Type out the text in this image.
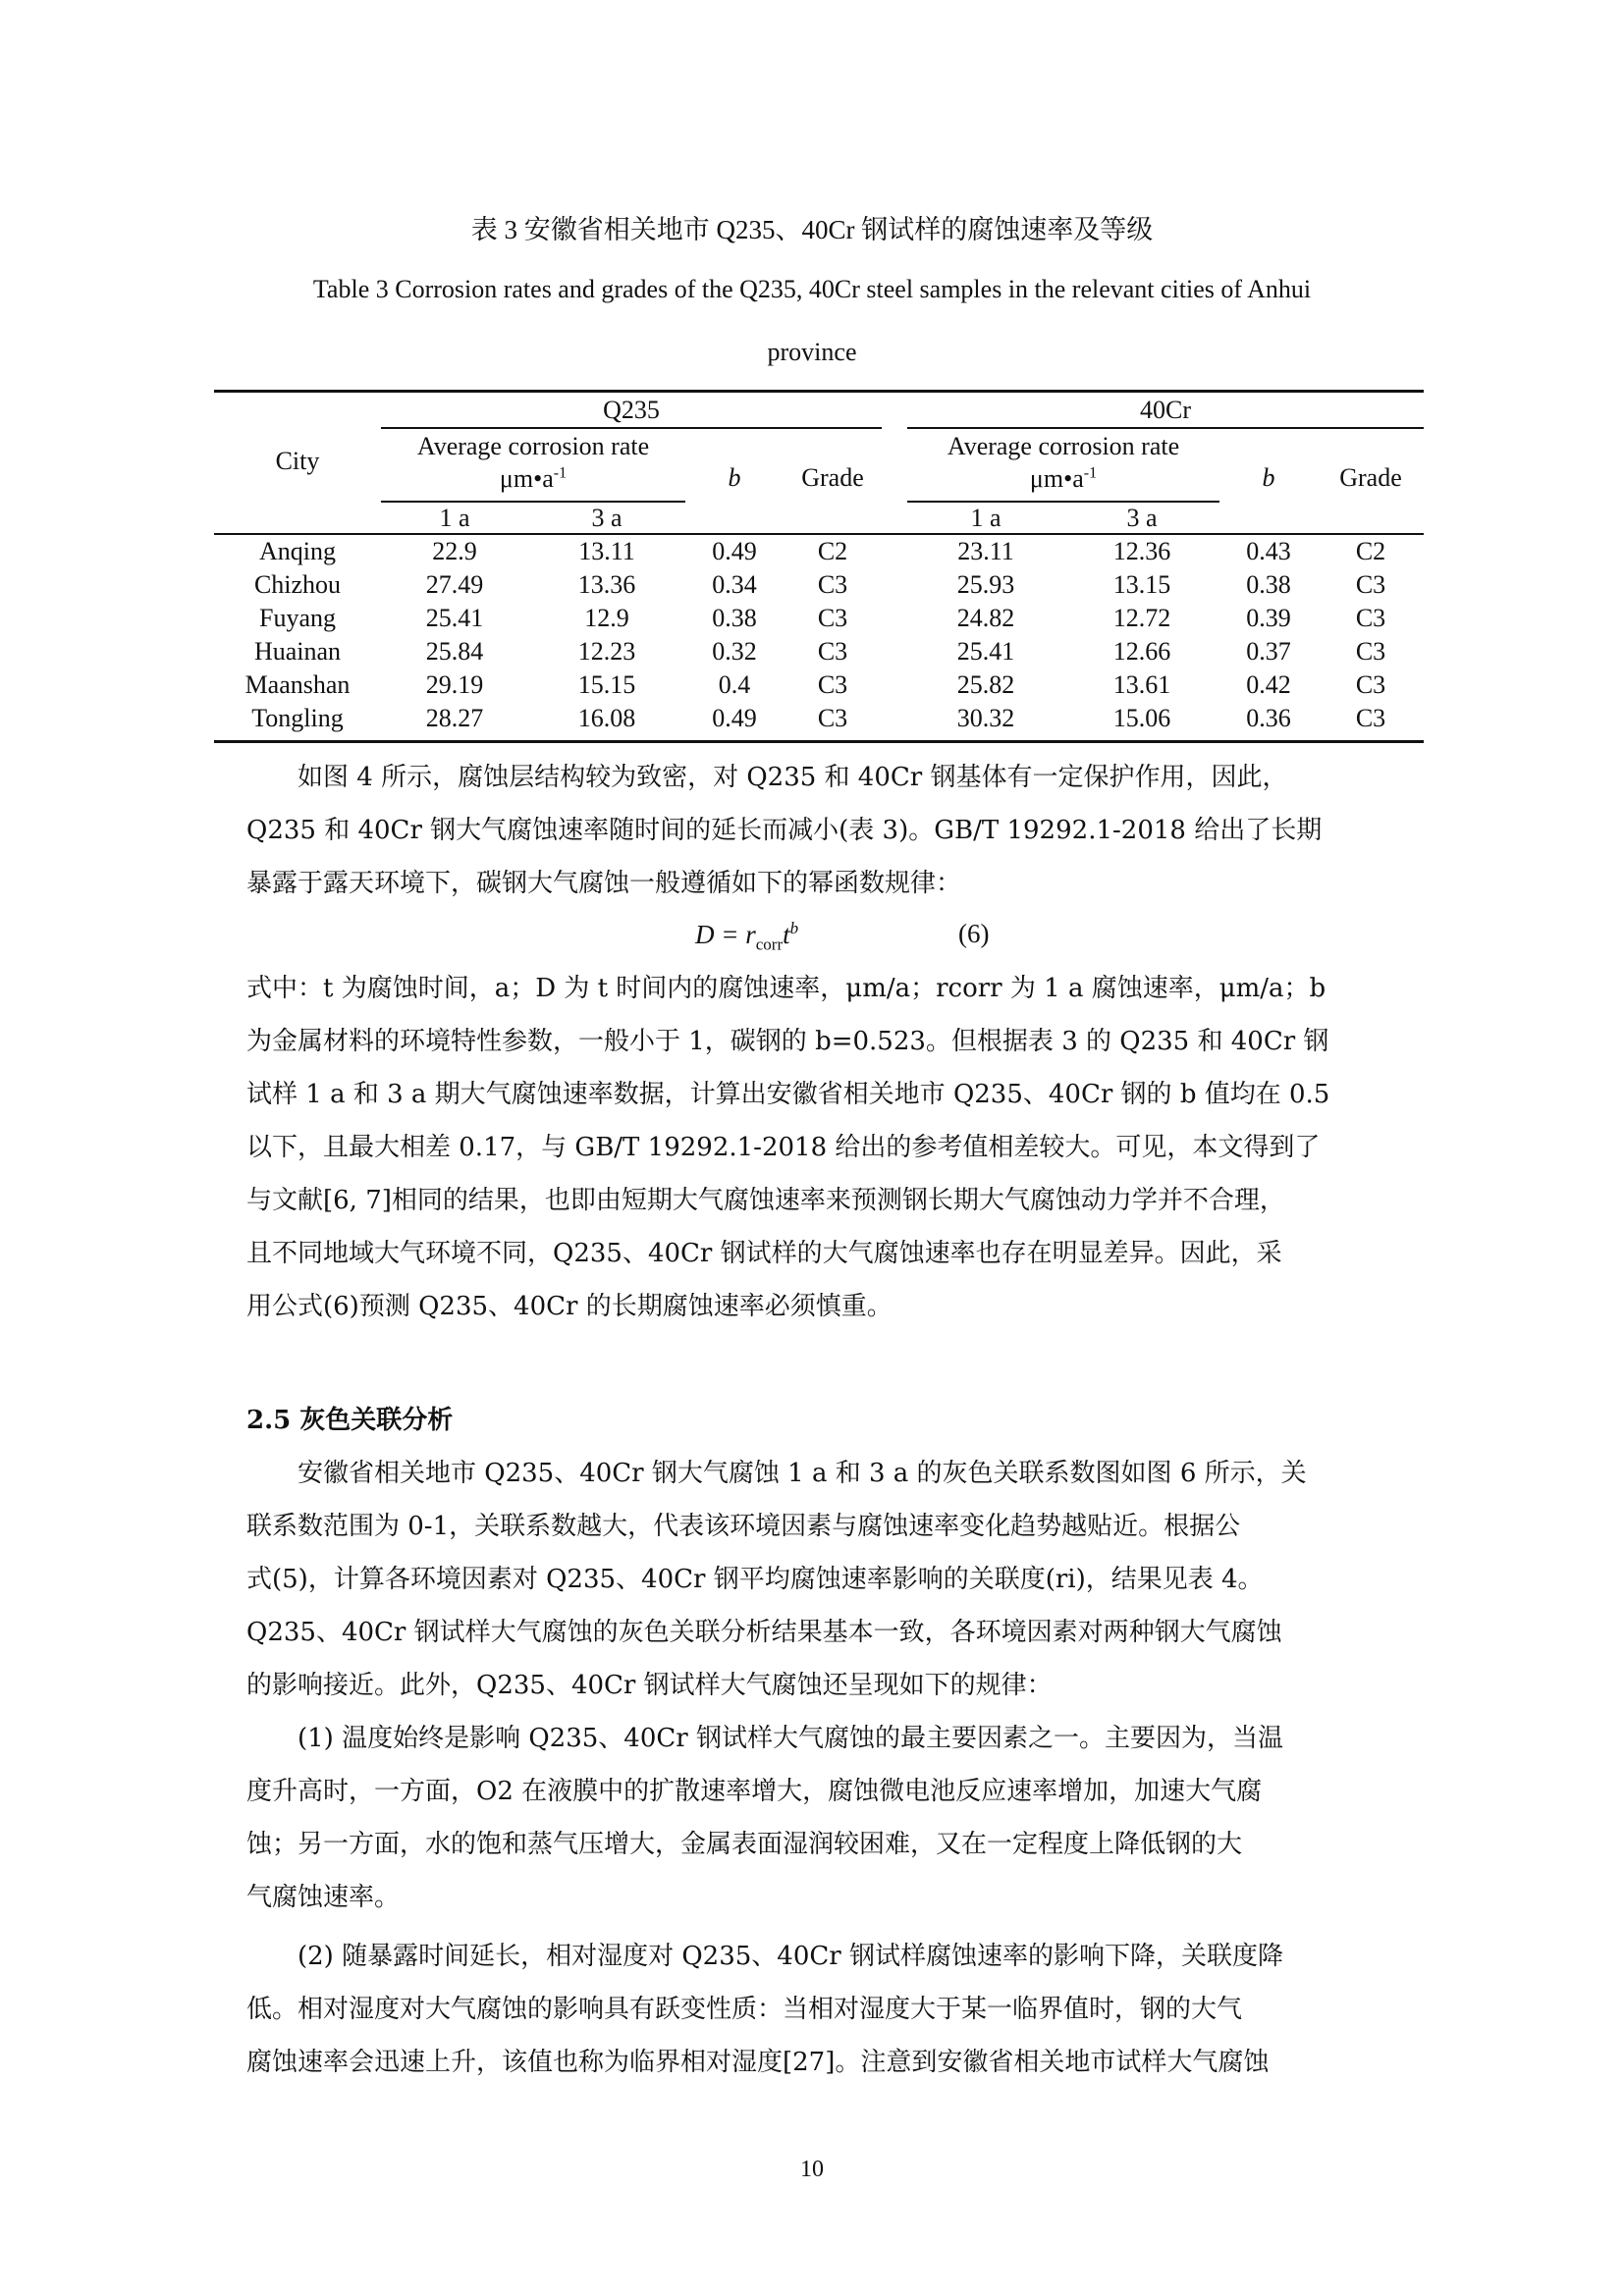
表 3 安徽省相关地市 Q235、40Cr 钢试样的腐蚀速率及等级
Table 3 Corrosion rates and grades of the Q235, 40Cr steel samples in the relevant cities of Anhui
province
City
Q235	40Cr
Average corrosion rate
$\mu m•a^{-1}$	b	Grade
Average corrosion rate
$\mu m•a^{-1}$	b	Grade
1 a	3 a	1 a	3 a
Anqing	22.9	13.11	0.49	C2	23.11	12.36	0.43	C2
Chizhou	27.49	13.36	0.34	C3	25.93	13.15	0.38	C3
Fuyang	25.41	12.9	0.38	C3	24.82	12.72	0.39	C3
Huainan	25.84	12.23	0.32	C3	25.41	12.66	0.37	C3
Maanshan	29.19	15.15	0.4	C3	25.82	13.61	0.42	C3
Tongling	28.27	16.08	0.49	C3	30.32	15.06	0.36	C3
如图 4 所示，腐蚀层结构较为致密，对 Q235 和 40Cr 钢基体有一定保护作用，因此，
Q235 和 40Cr 钢大气腐蚀速率随时间的延长而减小(表 3)。GB/T 19292.1-2018 给出了长期
暴露于露天环境下，碳钢大气腐蚀一般遵循如下的幂函数规律：
$D = r_{corr}t^b$	(6)
式中：t 为腐蚀时间，a；D 为 t 时间内的腐蚀速率，μm/a；rcorr 为 1 a 腐蚀速率，μm/a；b
为金属材料的环境特性参数，一般小于 1，碳钢的 b=0.523。但根据表 3 的 Q235 和 40Cr 钢
试样 1 a 和 3 a 期大气腐蚀速率数据，计算出安徽省相关地市 Q235、40Cr 钢的 b 值均在 0.5
以下，且最大相差 0.17，与 GB/T 19292.1-2018 给出的参考值相差较大。可见，本文得到了
与文献[6, 7]相同的结果，也即由短期大气腐蚀速率来预测钢长期大气腐蚀动力学并不合理，
且不同地域大气环境不同，Q235、40Cr 钢试样的大气腐蚀速率也存在明显差异。因此，采
用公式(6)预测 Q235、40Cr 的长期腐蚀速率必须慎重。
2.5 灰色关联分析
安徽省相关地市 Q235、40Cr 钢大气腐蚀 1 a 和 3 a 的灰色关联系数图如图 6 所示，关
联系数范围为 0-1，关联系数越大，代表该环境因素与腐蚀速率变化趋势越贴近。根据公
式(5)，计算各环境因素对 Q235、40Cr 钢平均腐蚀速率影响的关联度(ri)，结果见表 4。
Q235、40Cr 钢试样大气腐蚀的灰色关联分析结果基本一致，各环境因素对两种钢大气腐蚀
的影响接近。此外，Q235、40Cr 钢试样大气腐蚀还呈现如下的规律：
(1) 温度始终是影响 Q235、40Cr 钢试样大气腐蚀的最主要因素之一。主要因为，当温
度升高时，一方面，O2 在液膜中的扩散速率增大，腐蚀微电池反应速率增加，加速大气腐
蚀；另一方面，水的饱和蒸气压增大，金属表面湿润较困难，又在一定程度上降低钢的大
气腐蚀速率。
(2) 随暴露时间延长，相对湿度对 Q235、40Cr 钢试样腐蚀速率的影响下降，关联度降
低。相对湿度对大气腐蚀的影响具有跃变性质：当相对湿度大于某一临界值时，钢的大气
腐蚀速率会迅速上升，该值也称为临界相对湿度[27]。注意到安徽省相关地市试样大气腐蚀
10
